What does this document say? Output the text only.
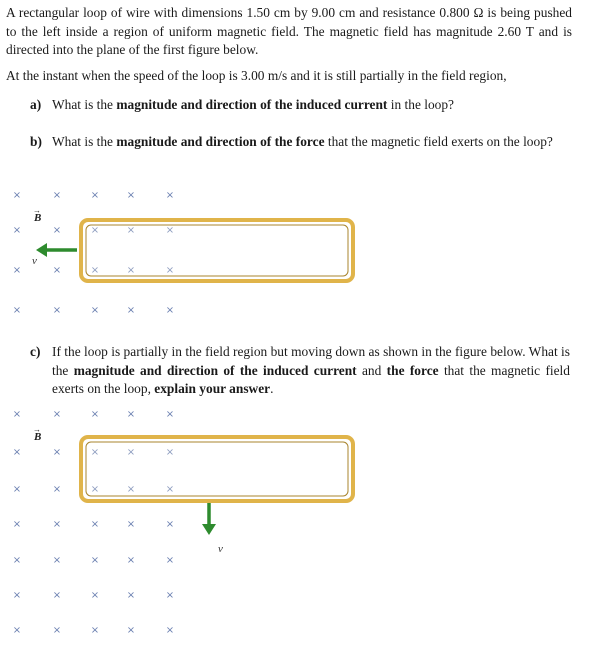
A rectangular loop of wire with dimensions 1.50 cm by 9.00 cm and resistance 0.800 Ω is being pushed to the left inside a region of uniform magnetic field. The magnetic field has magnitude 2.60 T and is directed into the plane of the first figure below.

At the instant when the speed of the loop is 3.00 m/s and it is still partially in the field region,

a) What is the magnitude and direction of the induced current in the loop?

b) What is the magnitude and direction of the force that the magnetic field exerts on the loop?

×	×	×	×	×
×	×	×	×	×
×	×	×	×	×
×	×	×	×	×
B
→
v

c) If the loop is partially in the field region but moving down as shown in the figure below. What is the magnitude and direction of the induced current and the force that the magnetic field exerts on the loop, explain your answer.

×	×	×	×	×
×	×	×	×	×
×	×	×	×	×
×	×	×	×	×
×	×	×	×	×
×	×	×	×	×
×	×	×	×	×
B
→
v
